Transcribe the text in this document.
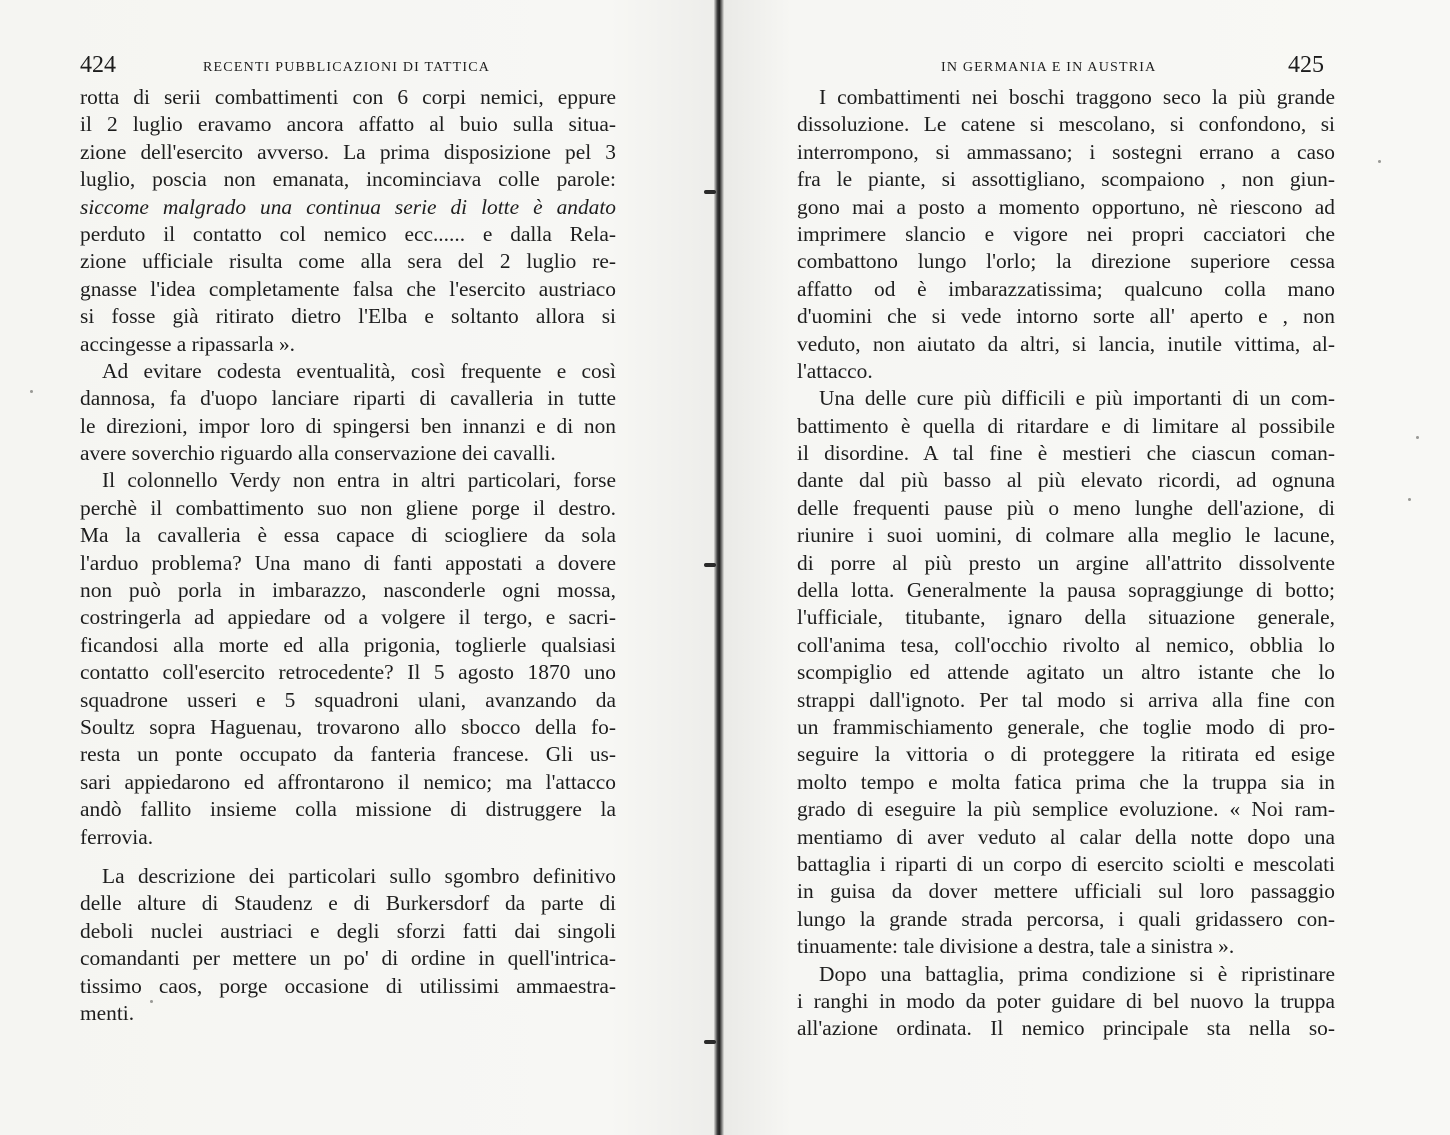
424	RECENTI PUBBLICAZIONI DI TATTICA
rotta di serii combattimenti con 6 corpi nemici, eppure
il 2 luglio eravamo ancora affatto al buio sulla situa-
zione dell'esercito avverso. La prima disposizione pel 3
luglio, poscia non emanata, incominciava colle parole:
siccome malgrado una continua serie di lotte è andato
perduto il contatto col nemico ecc...... e dalla Rela-
zione ufficiale risulta come alla sera del 2 luglio re-
gnasse l'idea completamente falsa che l'esercito austriaco
si fosse già ritirato dietro l'Elba e soltanto allora si
accingesse a ripassarla ».
Ad evitare codesta eventualità, così frequente e così
dannosa, fa d'uopo lanciare riparti di cavalleria in tutte
le direzioni, impor loro di spingersi ben innanzi e di non
avere soverchio riguardo alla conservazione dei cavalli.
Il colonnello Verdy non entra in altri particolari, forse
perchè il combattimento suo non gliene porge il destro.
Ma la cavalleria è essa capace di sciogliere da sola
l'arduo problema? Una mano di fanti appostati a dovere
non può porla in imbarazzo, nasconderle ogni mossa,
costringerla ad appiedare od a volgere il tergo, e sacri-
ficandosi alla morte ed alla prigonia, toglierle qualsiasi
contatto coll'esercito retrocedente? Il 5 agosto 1870 uno
squadrone usseri e 5 squadroni ulani, avanzando da
Soultz sopra Haguenau, trovarono allo sbocco della fo-
resta un ponte occupato da fanteria francese. Gli us-
sari appiedarono ed affrontarono il nemico; ma l'attacco
andò fallito insieme colla missione di distruggere la
ferrovia.
La descrizione dei particolari sullo sgombro definitivo
delle alture di Staudenz e di Burkersdorf da parte di
deboli nuclei austriaci e degli sforzi fatti dai singoli
comandanti per mettere un po' di ordine in quell'intrica-
tissimo caos, porge occasione di utilissimi ammaestra-
menti.
IN GERMANIA E IN AUSTRIA	425
I combattimenti nei boschi traggono seco la più grande
dissoluzione. Le catene si mescolano, si confondono, si
interrompono, si ammassano; i sostegni errano a caso
fra le piante, si assottigliano, scompaiono , non giun-
gono mai a posto a momento opportuno, nè riescono ad
imprimere slancio e vigore nei propri cacciatori che
combattono lungo l'orlo; la direzione superiore cessa
affatto od è imbarazzatissima; qualcuno colla mano
d'uomini che si vede intorno sorte all' aperto e , non
veduto, non aiutato da altri, si lancia, inutile vittima, al-
l'attacco.
Una delle cure più difficili e più importanti di un com-
battimento è quella di ritardare e di limitare al possibile
il disordine. A tal fine è mestieri che ciascun coman-
dante dal più basso al più elevato ricordi, ad ognuna
delle frequenti pause più o meno lunghe dell'azione, di
riunire i suoi uomini, di colmare alla meglio le lacune,
di porre al più presto un argine all'attrito dissolvente
della lotta. Generalmente la pausa sopraggiunge di botto;
l'ufficiale, titubante, ignaro della situazione generale,
coll'anima tesa, coll'occhio rivolto al nemico, obblia lo
scompiglio ed attende agitato un altro istante che lo
strappi dall'ignoto. Per tal modo si arriva alla fine con
un frammischiamento generale, che toglie modo di pro-
seguire la vittoria o di proteggere la ritirata ed esige
molto tempo e molta fatica prima che la truppa sia in
grado di eseguire la più semplice evoluzione. « Noi ram-
mentiamo di aver veduto al calar della notte dopo una
battaglia i riparti di un corpo di esercito sciolti e mescolati
in guisa da dover mettere ufficiali sul loro passaggio
lungo la grande strada percorsa, i quali gridassero con-
tinuamente: tale divisione a destra, tale a sinistra ».
Dopo una battaglia, prima condizione si è ripristinare
i ranghi in modo da poter guidare di bel nuovo la truppa
all'azione ordinata. Il nemico principale sta nella so-
